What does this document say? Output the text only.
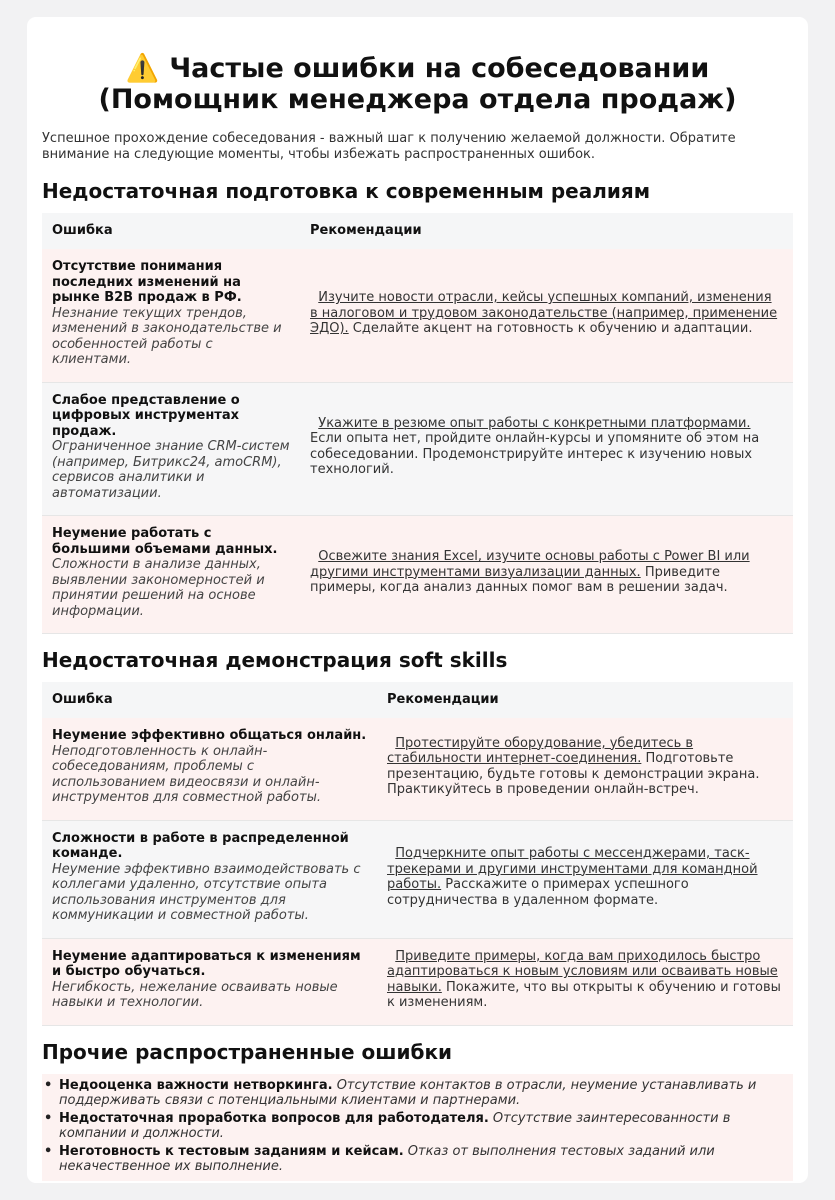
⚠️ Частые ошибки на собеседовании
(Помощник менеджера отдела продаж)

Успешное прохождение собеседования - важный шаг к получению желаемой должности. Обратите внимание на следующие моменты, чтобы избежать распространенных ошибок.

Недостаточная подготовка к современным реалиям
Ошибка	Рекомендации

Отсутствие понимания последних изменений на рынке B2B продаж в РФ.
Незнание текущих трендов, изменений в законодательстве и особенностей работы с клиентами.	Изучите новости отрасли, кейсы успешных компаний, изменения в налоговом и трудовом законодательстве (например, применение ЭДО). Сделайте акцент на готовность к обучению и адаптации.

Слабое представление о цифровых инструментах продаж.
Ограниченное знание CRM-систем (например, Битрикс24, amoCRM), сервисов аналитики и автоматизации.	Укажите в резюме опыт работы с конкретными платформами. Если опыта нет, пройдите онлайн-курсы и упомяните об этом на собеседовании. Продемонстрируйте интерес к изучению новых технологий.

Неумение работать с большими объемами данных.
Сложности в анализе данных, выявлении закономерностей и принятии решений на основе информации.	Освежите знания Excel, изучите основы работы с Power BI или другими инструментами визуализации данных. Приведите примеры, когда анализ данных помог вам в решении задач.
Недостаточная демонстрация soft skills
Ошибка	Рекомендации

Неумение эффективно общаться онлайн.
Неподготовленность к онлайн-собеседованиям, проблемы с использованием видеосвязи и онлайн-инструментов для совместной работы.	Протестируйте оборудование, убедитесь в стабильности интернет-соединения. Подготовьте презентацию, будьте готовы к демонстрации экрана. Практикуйтесь в проведении онлайн-встреч.

Сложности в работе в распределенной команде.
Неумение эффективно взаимодействовать с коллегами удаленно, отсутствие опыта использования инструментов для коммуникации и совместной работы.	Подчеркните опыт работы с мессенджерами, таск-трекерами и другими инструментами для командной работы. Расскажите о примерах успешного сотрудничества в удаленном формате.

Неумение адаптироваться к изменениям и быстро обучаться.
Негибкость, нежелание осваивать новые навыки и технологии.	Приведите примеры, когда вам приходилось быстро адаптироваться к новым условиям или осваивать новые навыки. Покажите, что вы открыты к обучению и готовы к изменениям.
Прочие распространенные ошибки
• Недооценка важности нетворкинга. Отсутствие контактов в отрасли, неумение устанавливать и поддерживать связи с потенциальными клиентами и партнерами.
• Недостаточная проработка вопросов для работодателя. Отсутствие заинтересованности в компании и должности.
• Неготовность к тестовым заданиям и кейсам. Отказ от выполнения тестовых заданий или некачественное их выполнение.
